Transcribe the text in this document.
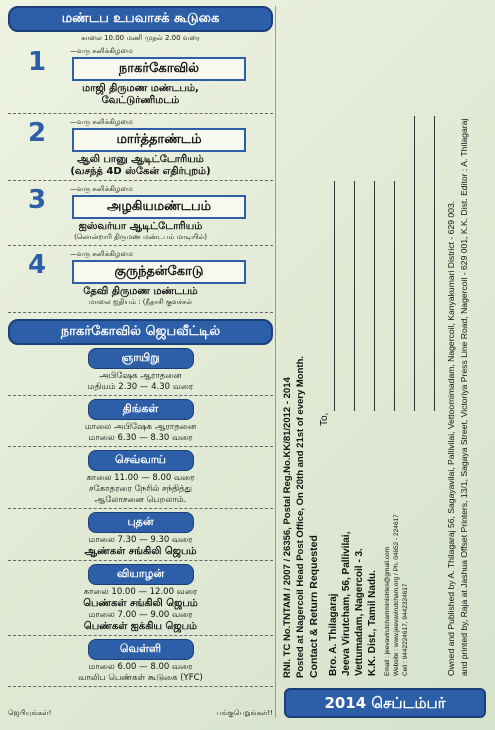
மண்டப உபவாசக் கூடுகை
காலை 10.00 மணி முதல் 2.00 வரை
1	—வரு சனிக்கிழமை
நாகர்கோவில்
மாஜி திருமண மண்டபம்,
வேட்டுர்ணிமடம்
2	—வரு சனிக்கிழமை
மார்த்தாண்டம்
ஆலி பானு ஆடிட்டோரியம்
(வசந்த் 4D ஸ்கேன் எதிர்புறம்)
3	—வரு சனிக்கிழமை
அழகியமண்டபம்
ஐஸ்வர்யா ஆடிட்டோரியம்
(லொன்றாரி திருமண மண்டபம் மாடியில்)
4	—வரு சனிக்கிழமை
குருந்தன்கோடு
தேவி திருமண மண்டபம்
மாலை ஐதியம் : (நீதாசி குளச்சல்
நாகர்கோவில் ஜெபவீட்டில்
ஞாயிறு
அபிஷேக ஆராதனை
மதியம் 2.30 — 4.30 வரை
திங்கள்
மாலை அபிஷேக ஆராதனை
மாலை 6.30 — 8.30 வரை
செவ்வாய்
காலை 11.00 — 8.00 வரை
சகோதரரை நேரில் சந்தித்து
ஆலோசனை பெறலாம்.
புதன்
மாலை 7.30 — 9.30 வரை
ஆண்கள் சங்கிலி ஜெபம்
வியாழன்
காலை 10.00 — 12.00 வரை
பெண்கள் சங்கிலி ஜெபம்
மாலை 7.00 — 9.00 வரை
பெண்கள் ஐக்கிய ஜெபம்
வெள்ளி
மாலை 6.00 — 8.00 வரை
வாலிப பெண்கள் கூடுகை (YFC)
ஜெபியுங்கள்!	பங்குபெறுங்கள்!!
RNI. TC No.TNTAM / 2007 / 26356, Postal Reg.No.KK/81/2012 - 2014 Posted at Nagercoil Head Post Office, On 20th and 21st of every Month. Contact & Return Requested
To,
Bro. A. Thilagaraj Jeeva Virutcham, 56, Pallivilai, Vettumadam, Nagercoil - 3. K.K. Dist., Tamil Nadu. Email : jeevavirutchamministries@gmail.com Website : www.jeevavirutcham.org / Ph. 04652 - 224617 Cell : 9442224617, 9442324617	Owned and Published by A. Thilagaraj 56, Sagayavilai, Pallivilai, Vettoornimadam, Nagercoil, Kanyakumari District - 629 003. and printed by, Raja at Jashua Offset Printers, 13/1, Sagaya Street, Victoriya Press Line Road, Nagercoil - 629 001, K.K. Dist. Editor : A. Thilagaraj
2014 செப்டம்பர்
